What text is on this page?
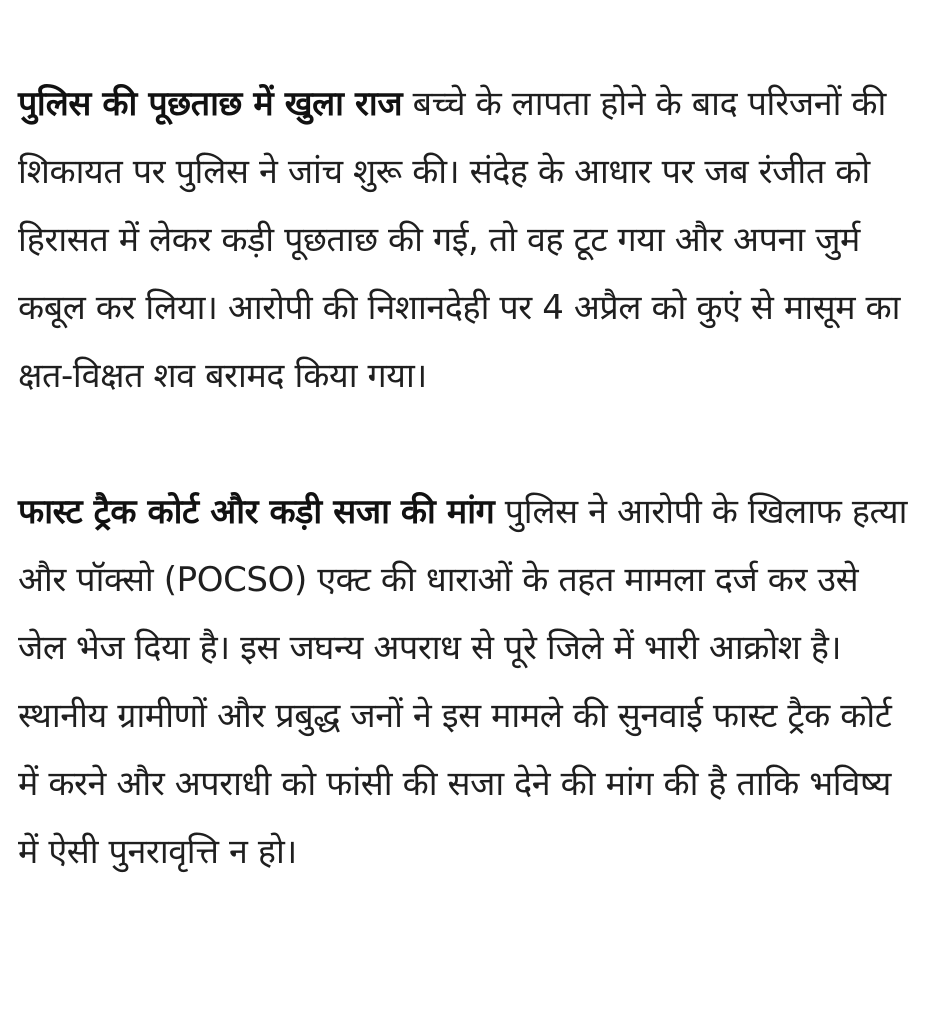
पुलिस की पूछताछ में खुला राज बच्चे के लापता होने के बाद परिजनों की शिकायत पर पुलिस ने जांच शुरू की। संदेह के आधार पर जब रंजीत को हिरासत में लेकर कड़ी पूछताछ की गई, तो वह टूट गया और अपना जुर्म कबूल कर लिया। आरोपी की निशानदेही पर 4 अप्रैल को कुएं से मासूम का क्षत-विक्षत शव बरामद किया गया।

फास्ट ट्रैक कोर्ट और कड़ी सजा की मांग पुलिस ने आरोपी के खिलाफ हत्या और पॉक्सो (POCSO) एक्ट की धाराओं के तहत मामला दर्ज कर उसे जेल भेज दिया है। इस जघन्य अपराध से पूरे जिले में भारी आक्रोश है। स्थानीय ग्रामीणों और प्रबुद्ध जनों ने इस मामले की सुनवाई फास्ट ट्रैक कोर्ट में करने और अपराधी को फांसी की सजा देने की मांग की है ताकि भविष्य में ऐसी पुनरावृत्ति न हो।
